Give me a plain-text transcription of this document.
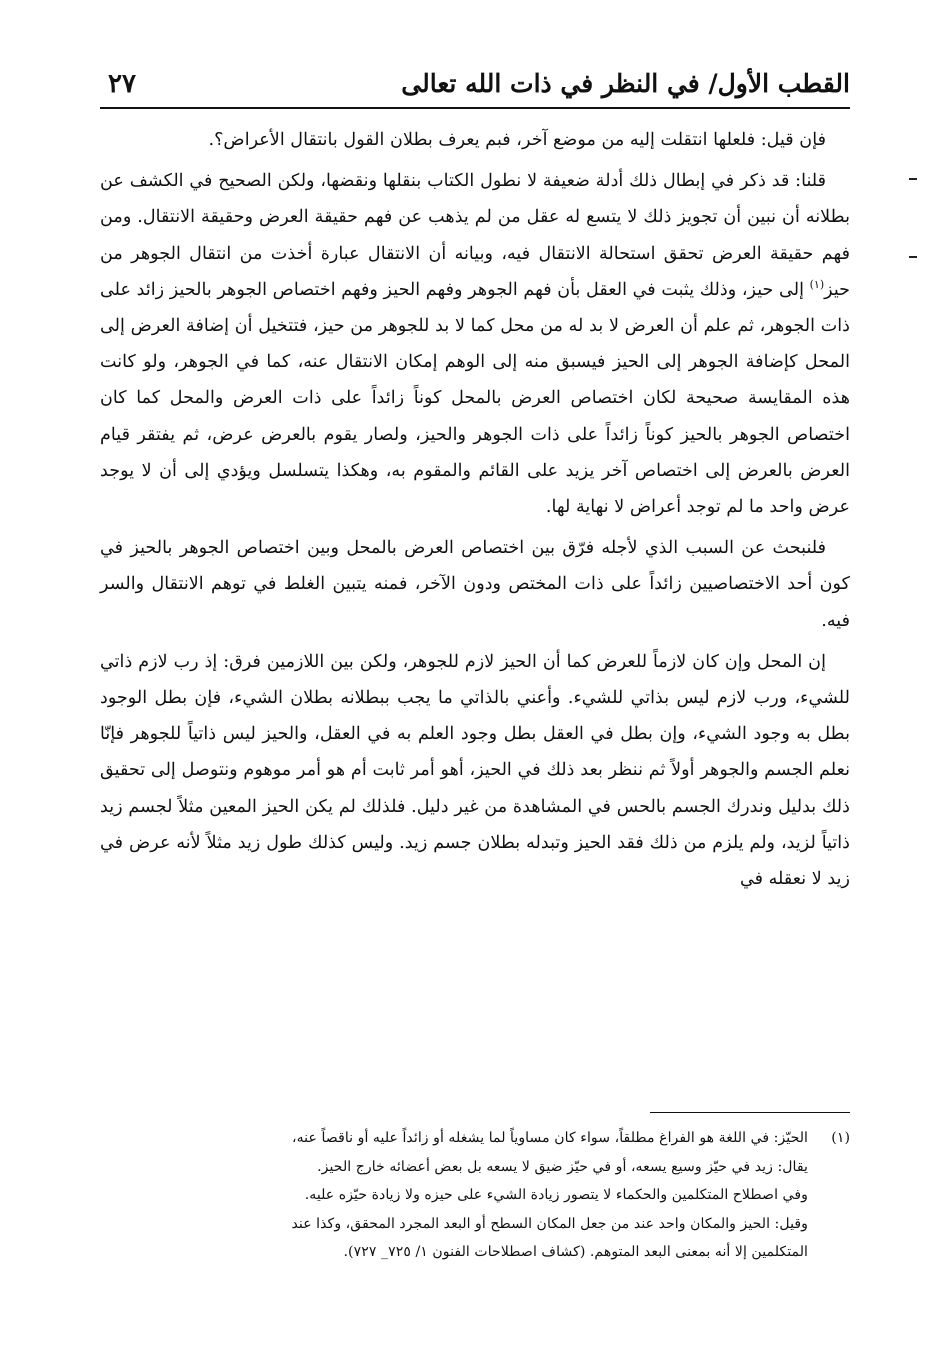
القطب الأول/ في النظر في ذات الله تعالى
٢٧

فإن قيل: فلعلها انتقلت إليه من موضع آخر، فبم يعرف بطلان القول بانتقال الأعراض؟.

قلنا: قد ذكر في إبطال ذلك أدلة ضعيفة لا نطول الكتاب بنقلها ونقضها، ولكن الصحيح في الكشف عن بطلانه أن نبين أن تجويز ذلك لا يتسع له عقل من لم يذهب عن فهم حقيقة العرض وحقيقة الانتقال. ومن فهم حقيقة العرض تحقق استحالة الانتقال فيه، وبيانه أن الانتقال عبارة أخذت من انتقال الجوهر من حيز$^{(١)}$ إلى حيز، وذلك يثبت في العقل بأن فهم الجوهر وفهم الحيز وفهم اختصاص الجوهر بالحيز زائد على ذات الجوهر، ثم علم أن العرض لا بد له من محل كما لا بد للجوهر من حيز، فتتخيل أن إضافة العرض إلى المحل كإضافة الجوهر إلى الحيز فيسبق منه إلى الوهم إمكان الانتقال عنه، كما في الجوهر، ولو كانت هذه المقايسة صحيحة لكان اختصاص العرض بالمحل كوناً زائداً على ذات العرض والمحل كما كان اختصاص الجوهر بالحيز كوناً زائداً على ذات الجوهر والحيز، ولصار يقوم بالعرض عرض، ثم يفتقر قيام العرض بالعرض إلى اختصاص آخر يزيد على القائم والمقوم به، وهكذا يتسلسل ويؤدي إلى أن لا يوجد عرض واحد ما لم توجد أعراض لا نهاية لها.

فلنبحث عن السبب الذي لأجله فرّق بين اختصاص العرض بالمحل وبين اختصاص الجوهر بالحيز في كون أحد الاختصاصيين زائداً على ذات المختص ودون الآخر، فمنه يتبين الغلط في توهم الانتقال والسر فيه.

إن المحل وإن كان لازماً للعرض كما أن الحيز لازم للجوهر، ولكن بين اللازمين فرق: إذ رب لازم ذاتي للشيء، ورب لازم ليس بذاتي للشيء. وأعني بالذاتي ما يجب ببطلانه بطلان الشيء، فإن بطل الوجود بطل به وجود الشيء، وإن بطل في العقل بطل وجود العلم به في العقل، والحيز ليس ذاتياً للجوهر فإنّا نعلم الجسم والجوهر أولاً ثم ننظر بعد ذلك في الحيز، أهو أمر ثابت أم هو أمر موهوم ونتوصل إلى تحقيق ذلك بدليل وندرك الجسم بالحس في المشاهدة من غير دليل. فلذلك لم يكن الحيز المعين مثلاً لجسم زيد ذاتياً لزيد، ولم يلزم من ذلك فقد الحيز وتبدله بطلان جسم زيد. وليس كذلك طول زيد مثلاً لأنه عرض في زيد لا نعقله في

(١)
الحيّز: في اللغة هو الفراغ مطلقاً، سواء كان مساوياً لما يشغله أو زائداً عليه أو ناقصاً عنه،
يقال: زيد في حيّز وسيع يسعه، أو في حيّز ضيق لا يسعه بل بعض أعضائه خارج الحيز.
وفي اصطلاح المتكلمين والحكماء لا يتصور زيادة الشيء على حيزه ولا زيادة حيّزه عليه.
وقيل: الحيز والمكان واحد عند من جعل المكان السطح أو البعد المجرد المحقق، وكذا عند
المتكلمين إلا أنه بمعنى البعد المتوهم. (كشاف اصطلاحات الفنون ١/ ٧٢٥_ ٧٢٧).
